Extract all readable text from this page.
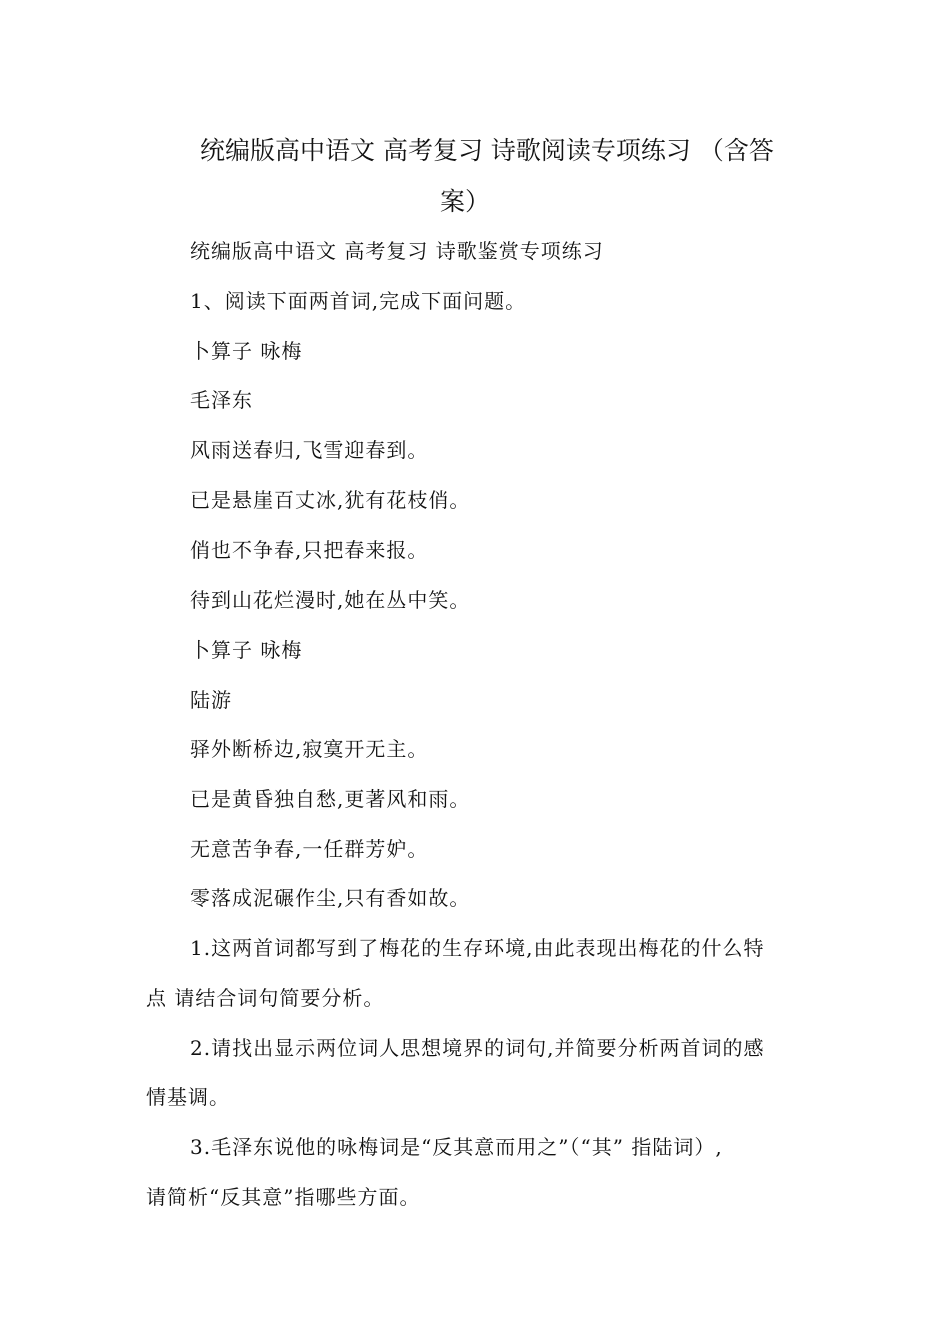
统编版高中语文 高考复习 诗歌阅读专项练习 （含答
案）
统编版高中语文 高考复习 诗歌鉴赏专项练习
1、阅读下面两首词,完成下面问题。
卜算子 咏梅
毛泽东
风雨送春归,飞雪迎春到。
已是悬崖百丈冰,犹有花枝俏。
俏也不争春,只把春来报。
待到山花烂漫时,她在丛中笑。
卜算子 咏梅
陆游
驿外断桥边,寂寞开无主。
已是黄昏独自愁,更著风和雨。
无意苦争春,一任群芳妒。
零落成泥碾作尘,只有香如故。
1.这两首词都写到了梅花的生存环境,由此表现出梅花的什么特
点 请结合词句简要分析。
2.请找出显示两位词人思想境界的词句,并简要分析两首词的感
情基调。
3.毛泽东说他的咏梅词是“反其意而用之”（“其” 指陆词）,
请简析“反其意”指哪些方面。
